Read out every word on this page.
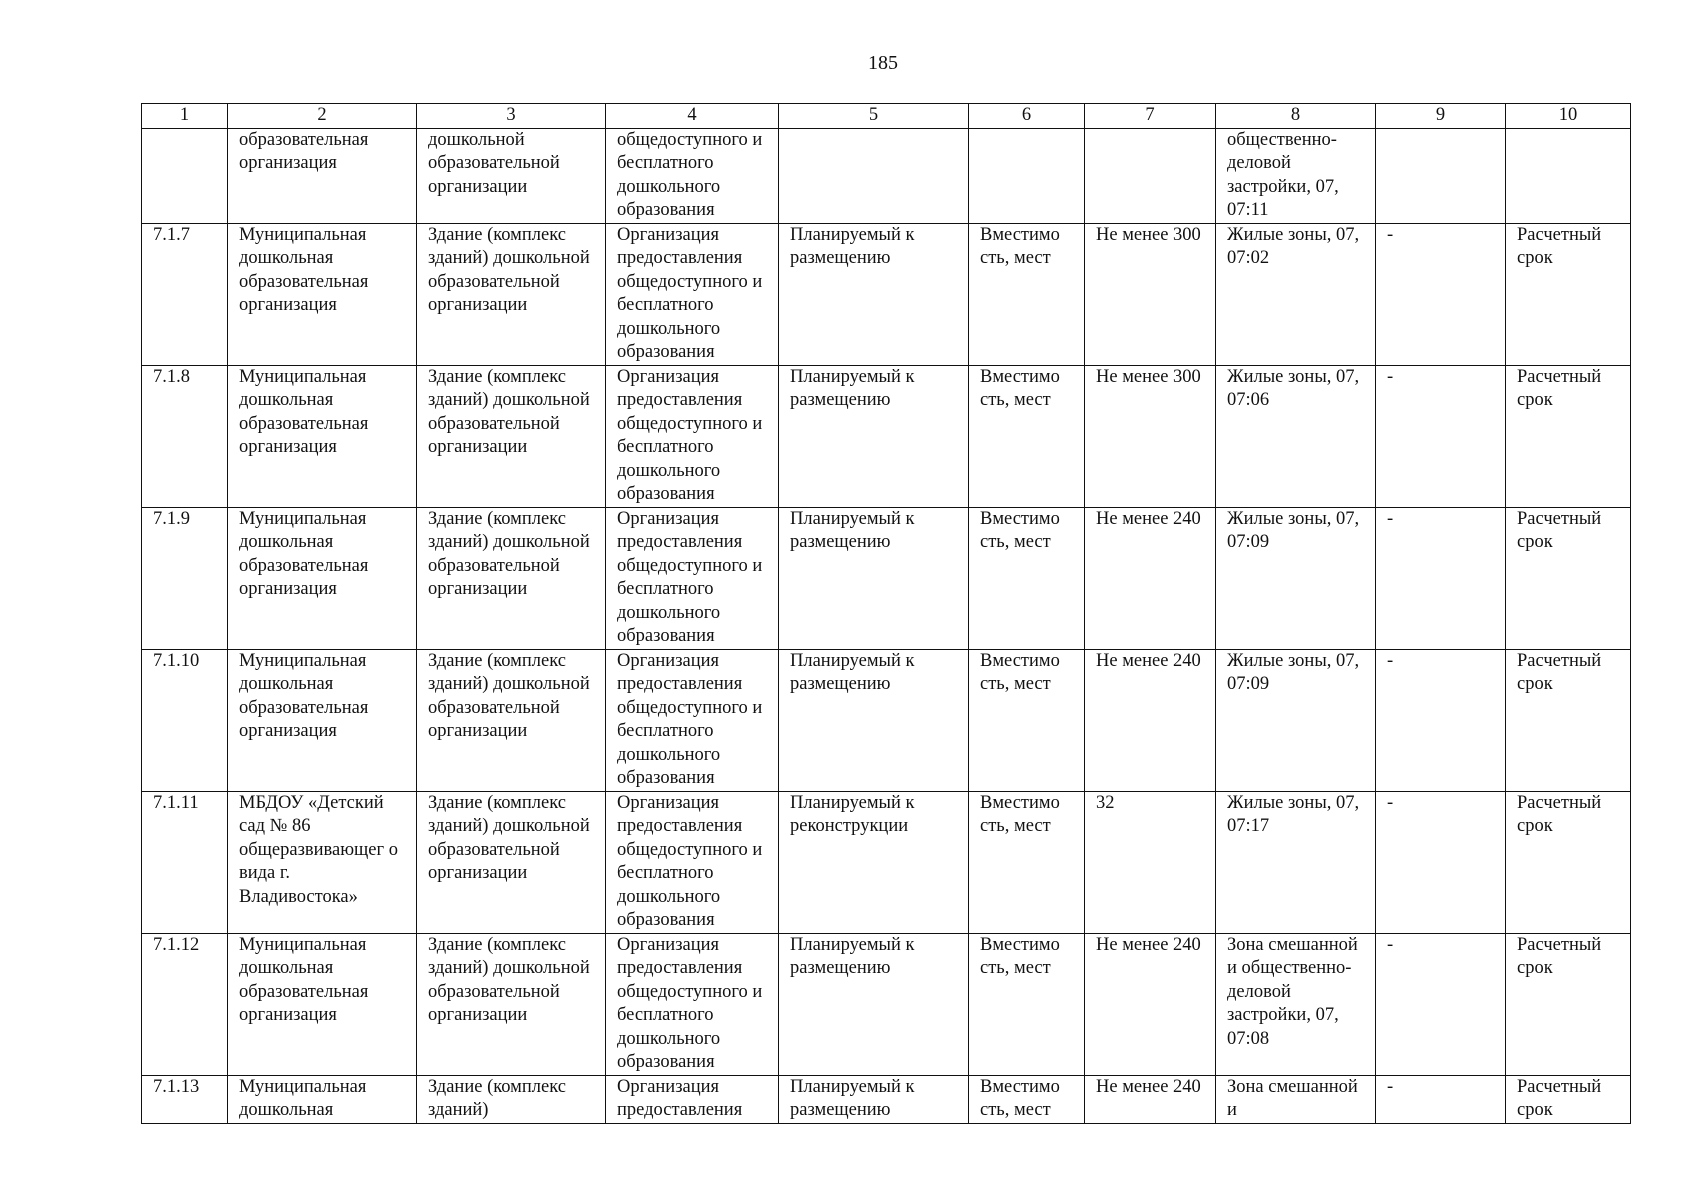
185
1	2	3	4	5	6	7	8	9	10
	образовательная организация	дошкольной образовательной организации	общедоступного и бесплатного дошкольного образования				общественно- деловой застройки, 07, 07:11		
7.1.7	Муниципальная дошкольная образовательная организация	Здание (комплекс зданий) дошкольной образовательной организации	Организация предоставления общедоступного и бесплатного дошкольного образования	Планируемый к размещению	Вместимо сть, мест	Не менее 300	Жилые зоны, 07, 07:02	-	Расчетный срок
7.1.8	Муниципальная дошкольная образовательная организация	Здание (комплекс зданий) дошкольной образовательной организации	Организация предоставления общедоступного и бесплатного дошкольного образования	Планируемый к размещению	Вместимо сть, мест	Не менее 300	Жилые зоны, 07, 07:06	-	Расчетный срок
7.1.9	Муниципальная дошкольная образовательная организация	Здание (комплекс зданий) дошкольной образовательной организации	Организация предоставления общедоступного и бесплатного дошкольного образования	Планируемый к размещению	Вместимо сть, мест	Не менее 240	Жилые зоны, 07, 07:09	-	Расчетный срок
7.1.10	Муниципальная дошкольная образовательная организация	Здание (комплекс зданий) дошкольной образовательной организации	Организация предоставления общедоступного и бесплатного дошкольного образования	Планируемый к размещению	Вместимо сть, мест	Не менее 240	Жилые зоны, 07, 07:09	-	Расчетный срок
7.1.11	МБДОУ «Детский сад № 86 общеразвивающег о вида г. Владивостока»	Здание (комплекс зданий) дошкольной образовательной организации	Организация предоставления общедоступного и бесплатного дошкольного образования	Планируемый к реконструкции	Вместимо сть, мест	32	Жилые зоны, 07, 07:17	-	Расчетный срок
7.1.12	Муниципальная дошкольная образовательная организация	Здание (комплекс зданий) дошкольной образовательной организации	Организация предоставления общедоступного и бесплатного дошкольного образования	Планируемый к размещению	Вместимо сть, мест	Не менее 240	Зона смешанной и общественно- деловой застройки, 07, 07:08	-	Расчетный срок
7.1.13	Муниципальная дошкольная	Здание (комплекс зданий)	Организация предоставления	Планируемый к размещению	Вместимо сть, мест	Не менее 240	Зона смешанной и	-	Расчетный срок
